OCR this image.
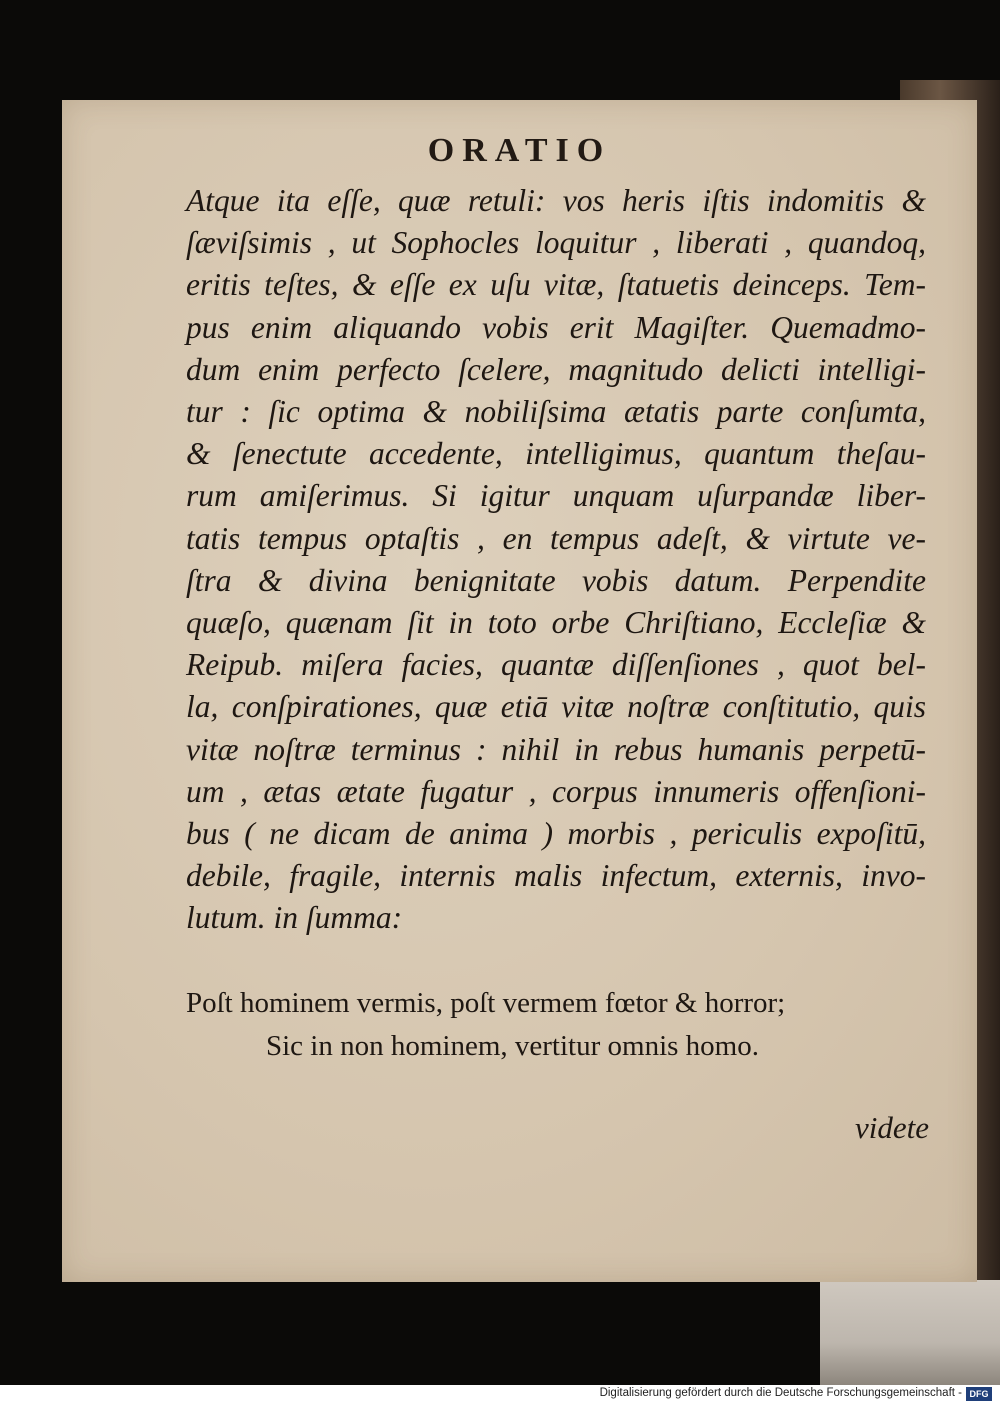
ORATIO
Atque ita eſſe, quæ retuli: vos heris iſtis indomitis &
ſæviſsimis , ut Sophocles loquitur , liberati , quandoq,
eritis teſtes, & eſſe ex uſu vitæ, ſtatuetis deinceps. Tem-
pus enim aliquando vobis erit Magiſter. Quemadmo-
dum enim perfecto ſcelere, magnitudo delicti intelligi-
tur : ſic optima & nobiliſsima ætatis parte conſumta,
& ſenectute accedente, intelligimus, quantum theſau-
rum amiſerimus. Si igitur unquam uſurpandæ liber-
tatis tempus optaſtis , en tempus adeſt, & virtute ve-
ſtra & divina benignitate vobis datum. Perpendite
quæſo, quænam ſit in toto orbe Chriſtiano, Eccleſiæ &
Reipub. miſera facies, quantæ diſſenſiones , quot bel-
la, conſpirationes, quæ etiā vitæ noſtræ conſtitutio, quis
vitæ noſtræ terminus : nihil in rebus humanis perpetū-
um , ætas ætate fugatur , corpus innumeris offenſioni-
bus ( ne dicam de anima ) morbis , periculis expoſitū,
debile, fragile, internis malis infectum, externis, invo-
lutum. in ſumma:
Poſt hominem vermis, poſt vermem fœtor & horror;
Sic in non hominem, vertitur omnis homo.
videte
Digitalisierung gefördert durch die Deutsche Forschungsgemeinschaft - DFG
